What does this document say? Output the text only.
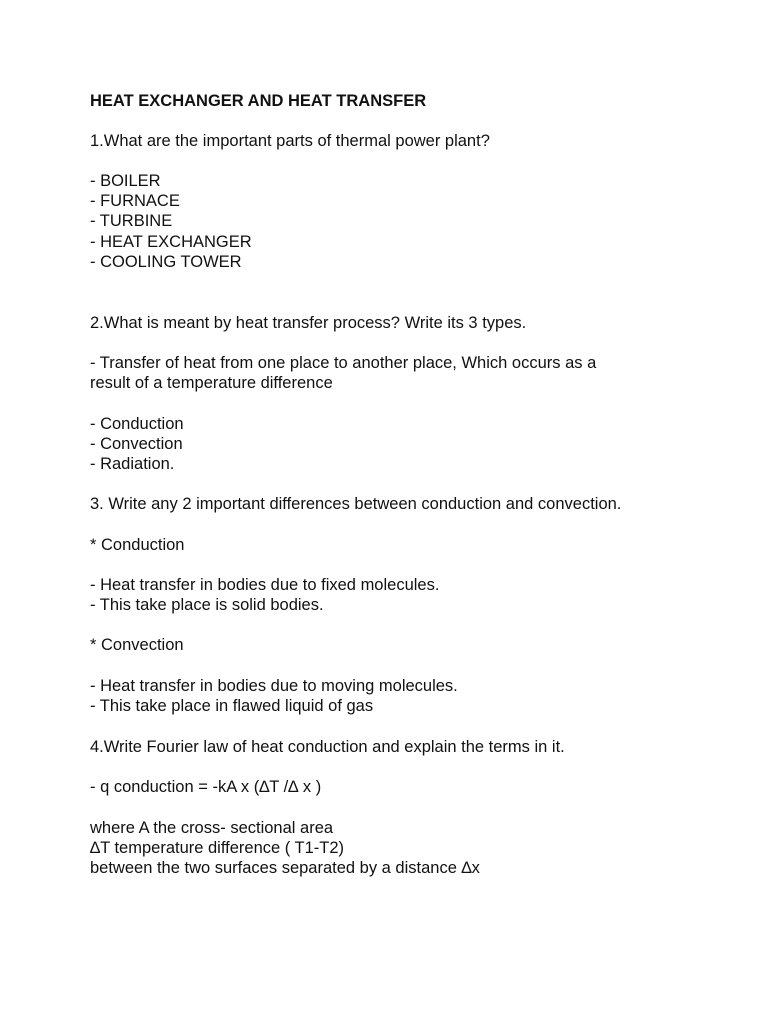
HEAT EXCHANGER AND HEAT TRANSFER
1.What are the important parts of thermal power plant?
- BOILER
- FURNACE
- TURBINE
- HEAT EXCHANGER
- COOLING TOWER
2.What is meant by heat transfer process? Write its 3 types.
- Transfer of heat from one place to another place, Which occurs as a
result of a temperature difference
- Conduction
- Convection
- Radiation.
3. Write any 2 important differences between conduction and convection.
* Conduction
- Heat transfer in bodies due to fixed molecules.
- This take place is solid bodies.
* Convection
- Heat transfer in bodies due to moving molecules.
- This take place in flawed liquid of gas
4.Write Fourier law of heat conduction and explain the terms in it.
- q conduction = -kA x (∆T /∆ x )
where A the cross- sectional area
∆T temperature difference ( T1-T2)
between the two surfaces separated by a distance ∆x
